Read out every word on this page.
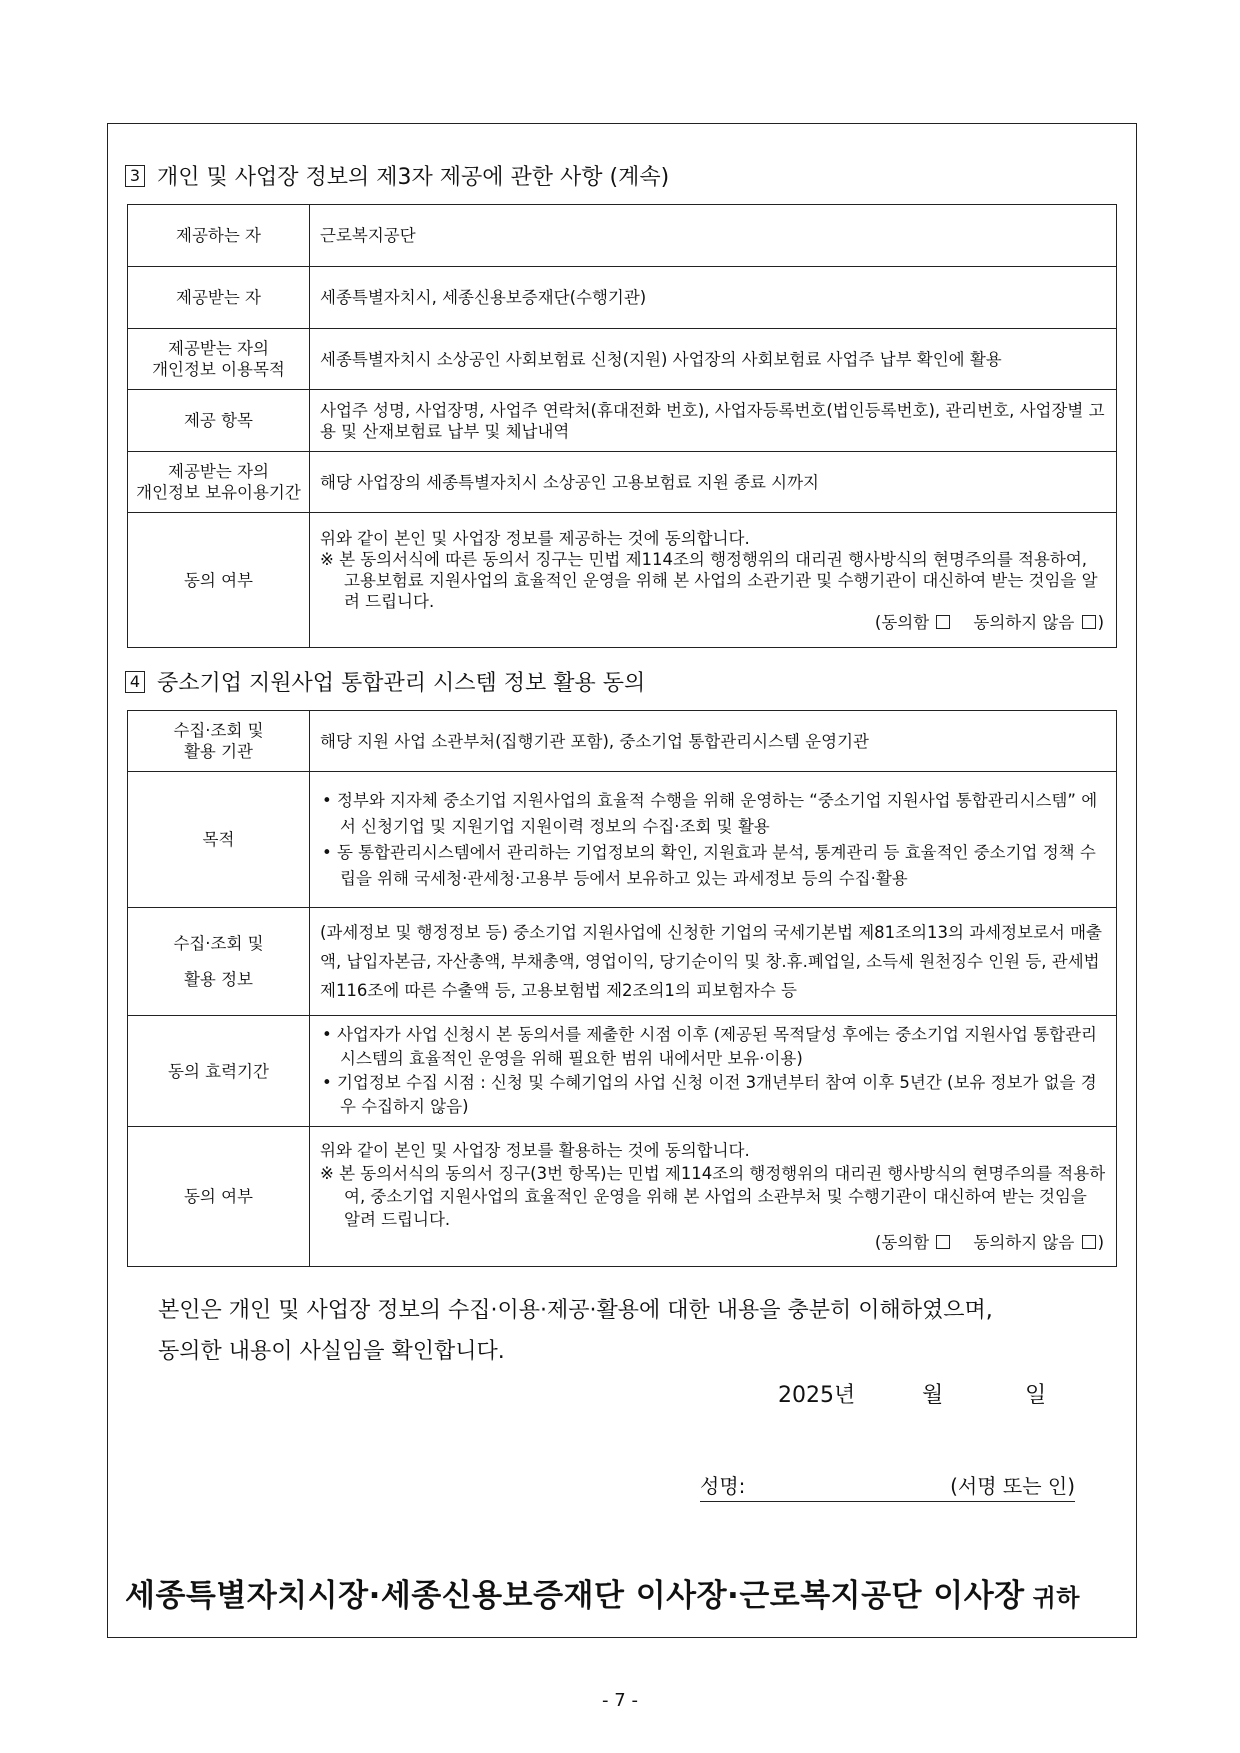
3 개인 및 사업장 정보의 제3자 제공에 관한 사항 (계속)
제공하는 자	근로복지공단
제공받는 자	세종특별자치시, 세종신용보증재단(수행기관)

제공받는 자의
개인정보 이용목적	세종특별자치시 소상공인 사회보험료 신청(지원) 사업장의 사회보험료 사업주 납부 확인에 활용
제공 항목	사업주 성명, 사업장명, 사업주 연락처(휴대전화 번호), 사업자등록번호(법인등록번호), 관리번호, 사업장별 고용 및 산재보험료 납부 및 체납내역

제공받는 자의
개인정보 보유이용기간	해당 사업장의 세종특별자치시 소상공인 고용보험료 지원 종료 시까지
동의 여부	위와 같이 본인 및 사업장 정보를 제공하는 것에 동의합니다.
※ 본 동의서식에 따른 동의서 징구는 민법 제114조의 행정행위의 대리권 행사방식의 현명주의를 적용하여, 고용보험료 지원사업의 효율적인 운영을 위해 본 사업의 소관기관 및 수행기관이 대신하여 받는 것임을 알려 드립니다.
(동의함 동의하지 않음 )
4 중소기업 지원사업 통합관리 시스템 정보 활용 동의
수집·조회 및
활용 기관	해당 지원 사업 소관부처(집행기관 포함), 중소기업 통합관리시스템 운영기관
목적	• 정부와 지자체 중소기업 지원사업의 효율적 수행을 위해 운영하는 “중소기업 지원사업 통합관리시스템” 에서 신청기업 및 지원기업 지원이력 정보의 수집·조회 및 활용
• 동 통합관리시스템에서 관리하는 기업정보의 확인, 지원효과 분석, 통계관리 등 효율적인 중소기업 정책 수립을 위해 국세청·관세청·고용부 등에서 보유하고 있는 과세정보 등의 수집·활용

수집·조회 및
활용 정보	(과세정보 및 행정정보 등) 중소기업 지원사업에 신청한 기업의 국세기본법 제81조의13의 과세정보로서 매출액, 납입자본금, 자산총액, 부채총액, 영업이익, 당기순이익 및 창.휴.폐업일, 소득세 원천징수 인원 등, 관세법 제116조에 따른 수출액 등, 고용보험법 제2조의1의 피보험자수 등
동의 효력기간	• 사업자가 사업 신청시 본 동의서를 제출한 시점 이후 (제공된 목적달성 후에는 중소기업 지원사업 통합관리시스템의 효율적인 운영을 위해 필요한 범위 내에서만 보유·이용)
• 기업정보 수집 시점 : 신청 및 수혜기업의 사업 신청 이전 3개년부터 참여 이후 5년간 (보유 정보가 없을 경우 수집하지 않음)

동의 여부	위와 같이 본인 및 사업장 정보를 활용하는 것에 동의합니다.
※ 본 동의서식의 동의서 징구(3번 항목)는 민법 제114조의 행정행위의 대리권 행사방식의 현명주의를 적용하여, 중소기업 지원사업의 효율적인 운영을 위해 본 사업의 소관부처 및 수행기관이 대신하여 받는 것임을 알려 드립니다.
(동의함 동의하지 않음 )
본인은 개인 및 사업장 정보의 수집·이용·제공·활용에 대한 내용을 충분히 이해하였으며,
동의한 내용이 사실임을 확인합니다.
2025년	월	일
성명:	(서명 또는 인)
세종특별자치시장·세종신용보증재단 이사장·근로복지공단 이사장 귀하
- 7 -
